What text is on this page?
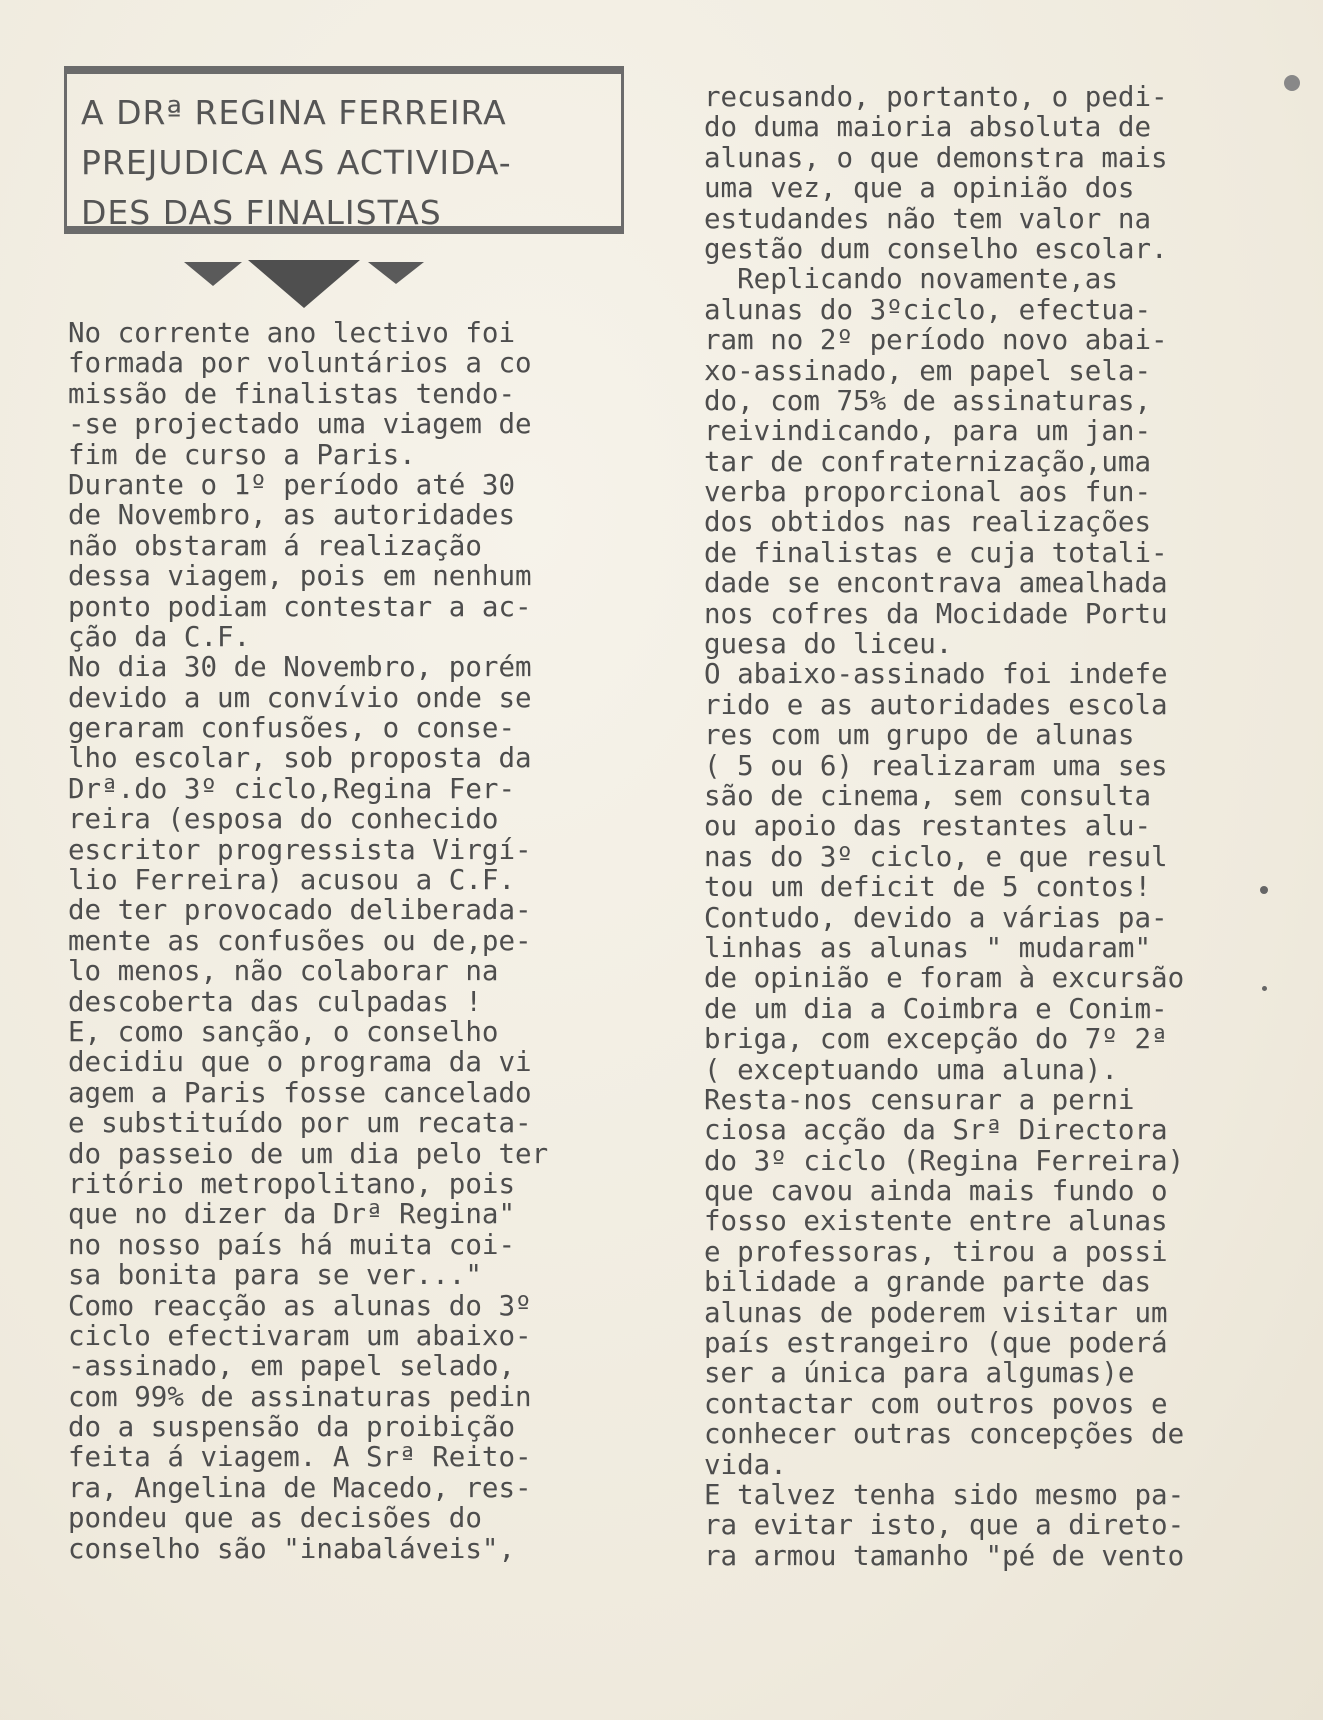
A DRª REGINA FERREIRA
PREJUDICA AS ACTIVIDA-
DES DAS FINALISTAS
No corrente ano lectivo foi
formada por voluntários a co
missão de finalistas tendo-
-se projectado uma viagem de
fim de curso a Paris.
Durante o 1º período até 30
de Novembro, as autoridades
não obstaram á realização
dessa viagem, pois em nenhum
ponto podiam contestar a ac-
ção da C.F.
No dia 30 de Novembro, porém
devido a um convívio onde se
geraram confusões, o conse-
lho escolar, sob proposta da
Drª.do 3º ciclo,Regina Fer-
reira (esposa do conhecido
escritor progressista Virgí-
lio Ferreira) acusou a C.F.
de ter provocado deliberada-
mente as confusões ou de,pe-
lo menos, não colaborar na
descoberta das culpadas !
E, como sanção, o conselho
decidiu que o programa da vi
agem a Paris fosse cancelado
e substituído por um recata-
do passeio de um dia pelo ter
ritório metropolitano, pois
que no dizer da Drª Regina"
no nosso país há muita coi-
sa bonita para se ver..."
Como reacção as alunas do 3º
ciclo efectivaram um abaixo-
-assinado, em papel selado,
com 99% de assinaturas pedin
do a suspensão da proibição
feita á viagem. A Srª Reito-
ra, Angelina de Macedo, res-
pondeu que as decisões do
conselho são "inabaláveis",
recusando, portanto, o pedi-
do duma maioria absoluta de
alunas, o que demonstra mais
uma vez, que a opinião dos
estudandes não tem valor na
gestão dum conselho escolar.
Replicando novamente,as
alunas do 3ºciclo, efectua-
ram no 2º período novo abai-
xo-assinado, em papel sela-
do, com 75% de assinaturas,
reivindicando, para um jan-
tar de confraternização,uma
verba proporcional aos fun-
dos obtidos nas realizações
de finalistas e cuja totali-
dade se encontrava amealhada
nos cofres da Mocidade Portu
guesa do liceu.
O abaixo-assinado foi indefe
rido e as autoridades escola
res com um grupo de alunas
( 5 ou 6) realizaram uma ses
são de cinema, sem consulta
ou apoio das restantes alu-
nas do 3º ciclo, e que resul
tou um deficit de 5 contos!
Contudo, devido a várias pa-
linhas as alunas " mudaram"
de opinião e foram à excursão
de um dia a Coimbra e Conim-
briga, com excepção do 7º 2ª
( exceptuando uma aluna).
Resta-nos censurar a perni
ciosa acção da Srª Directora
do 3º ciclo (Regina Ferreira)
que cavou ainda mais fundo o
fosso existente entre alunas
e professoras, tirou a possi
bilidade a grande parte das
alunas de poderem visitar um
país estrangeiro (que poderá
ser a única para algumas)e
contactar com outros povos e
conhecer outras concepções de
vida.
E talvez tenha sido mesmo pa-
ra evitar isto, que a direto-
ra armou tamanho "pé de vento
